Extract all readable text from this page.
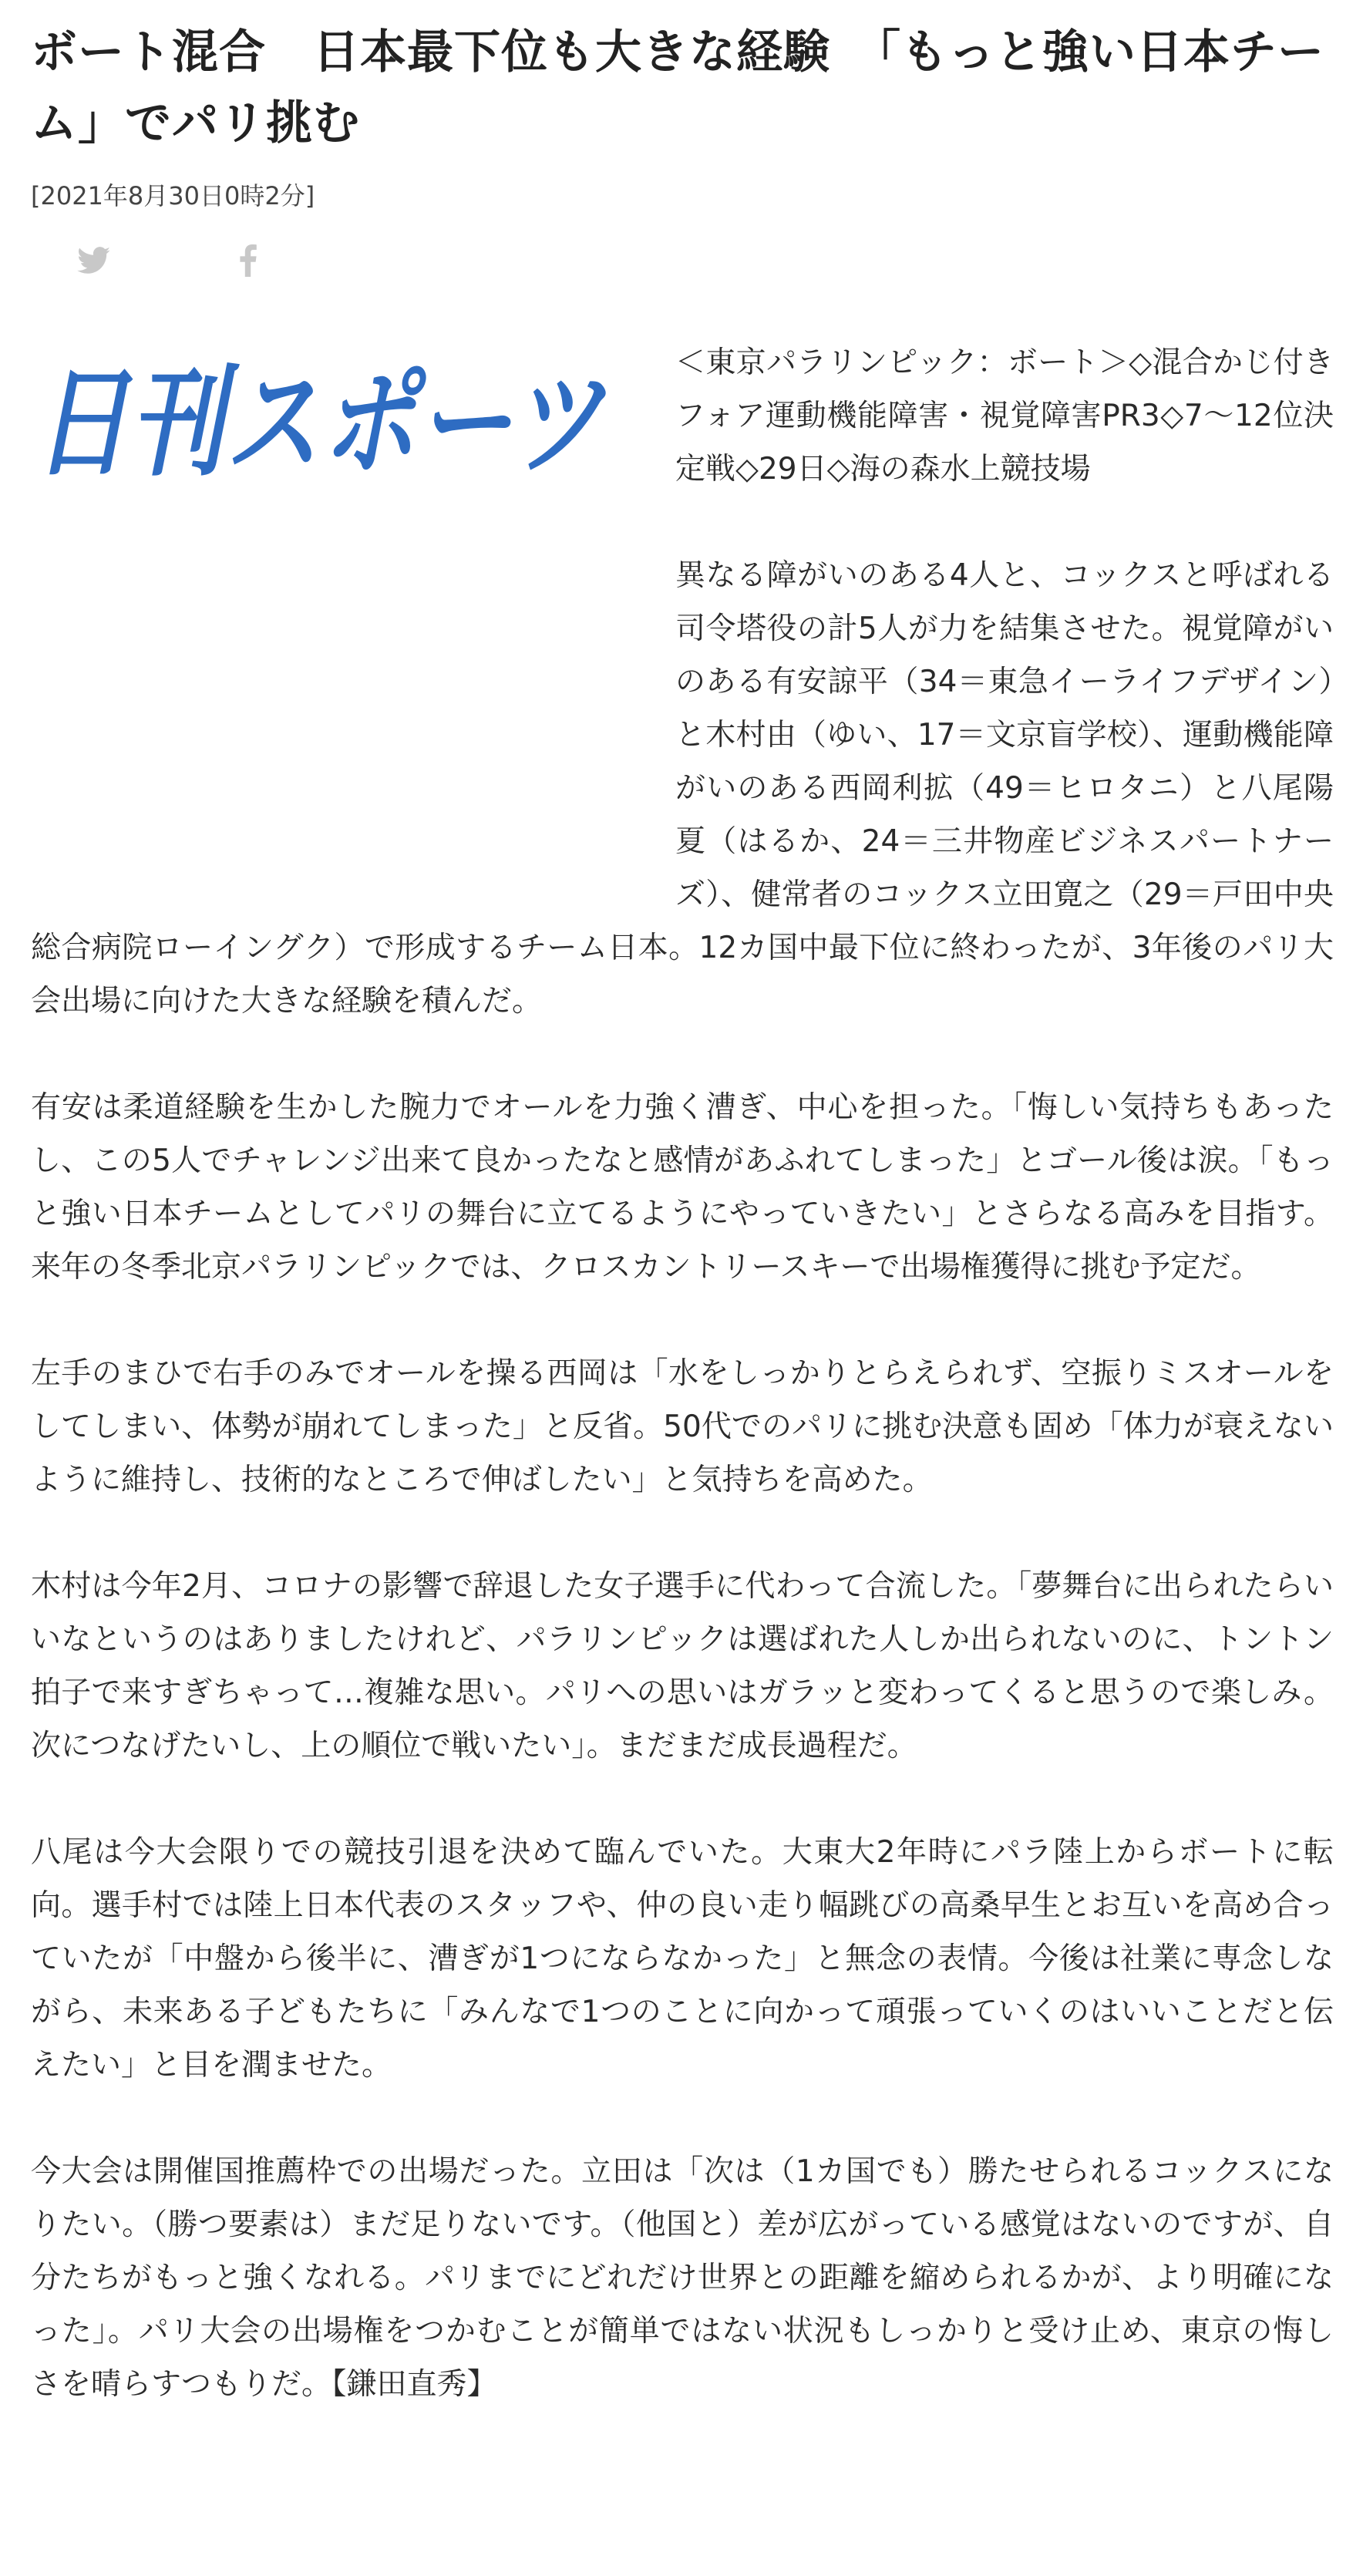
ボート混合　日本最下位も大きな経験　「もっと強い日本チーム」でパリ挑む
[2021年8月30日0時2分]
日刊スポーツ	＜東京パラリンピック：ボート＞◇混合かじ付きフォア運動機能障害・視覚障害PR3◇7～12位決定戦◇29日◇海の森水上競技場

異なる障がいのある4人と、コックスと呼ばれる司令塔役の計5人が力を結集させた。視覚障がいのある有安諒平（34＝東急イーライフデザイン）と木村由（ゆい、17＝文京盲学校）、運動機能障がいのある西岡利拡（49＝ヒロタニ）と八尾陽夏（はるか、24＝三井物産ビジネスパートナーズ）、健常者のコックス立田寛之（29＝戸田中央総合病院ローイングク）で形成するチーム日本。12カ国中最下位に終わったが、3年後のパリ大会出場に向けた大きな経験を積んだ。

有安は柔道経験を生かした腕力でオールを力強く漕ぎ、中心を担った。「悔しい気持ちもあったし、この5人でチャレンジ出来て良かったなと感情があふれてしまった」とゴール後は涙。「もっと強い日本チームとしてパリの舞台に立てるようにやっていきたい」とさらなる高みを目指す。来年の冬季北京パラリンピックでは、クロスカントリースキーで出場権獲得に挑む予定だ。

左手のまひで右手のみでオールを操る西岡は「水をしっかりとらえられず、空振りミスオールをしてしまい、体勢が崩れてしまった」と反省。50代でのパリに挑む決意も固め「体力が衰えないように維持し、技術的なところで伸ばしたい」と気持ちを高めた。

木村は今年2月、コロナの影響で辞退した女子選手に代わって合流した。「夢舞台に出られたらいいなというのはありましたけれど、パラリンピックは選ばれた人しか出られないのに、トントン拍子で来すぎちゃって…複雑な思い。パリへの思いはガラッと変わってくると思うので楽しみ。次につなげたいし、上の順位で戦いたい」。まだまだ成長過程だ。

八尾は今大会限りでの競技引退を決めて臨んでいた。大東大2年時にパラ陸上からボートに転向。選手村では陸上日本代表のスタッフや、仲の良い走り幅跳びの高桑早生とお互いを高め合っていたが「中盤から後半に、漕ぎが1つにならなかった」と無念の表情。今後は社業に専念しながら、未来ある子どもたちに「みんなで1つのことに向かって頑張っていくのはいいことだと伝えたい」と目を潤ませた。

今大会は開催国推薦枠での出場だった。立田は「次は（1カ国でも）勝たせられるコックスになりたい。（勝つ要素は）まだ足りないです。（他国と）差が広がっている感覚はないのですが、自分たちがもっと強くなれる。パリまでにどれだけ世界との距離を縮められるかが、より明確になった」。パリ大会の出場権をつかむことが簡単ではない状況もしっかりと受け止め、東京の悔しさを晴らすつもりだ。【鎌田直秀】
